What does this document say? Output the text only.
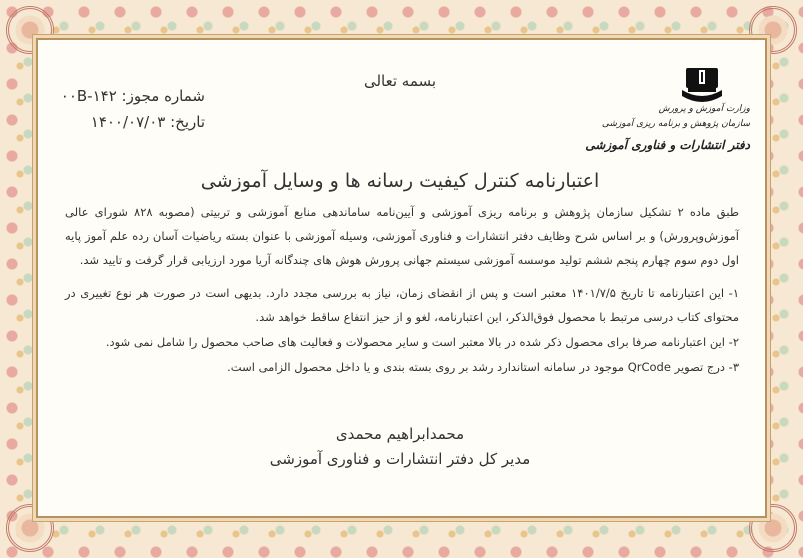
بسمه تعالی
شماره مجوز: ۰۰B-۱۴۲
تاریخ: ۱۴۰۰/۰۷/۰۳
وزارت آموزش و پرورش
سازمان پژوهش و برنامه ریزی آموزشی
دفتر انتشارات و فناوری آموزشی
اعتبارنامه کنترل کیفیت رسانه ها و وسایل آموزشی
طبق ماده ۲ تشکیل سازمان پژوهش و برنامه ریزی آموزشی و آیین‌نامه ساماندهی منابع آموزشی و تربیتی (مصوبه ۸۲۸ شورای عالی آموزش‌وپرورش) و بر اساس شرح وظایف دفتر انتشارات و فناوری آموزشی، وسیله آموزشی با عنوان بسته ریاضیات آسان رده علم آموز پایه اول دوم سوم چهارم پنجم ششم تولید موسسه آموزشی سیستم جهانی پرورش هوش های چندگانه آریا مورد ارزیابی قرار گرفت و تایید شد.
۱- این اعتبارنامه تا تاریخ ۱۴۰۱/۷/۵ معتبر است و پس از انقضای زمان، نیاز به بررسی مجدد دارد. بدیهی است در صورت هر نوع تغییری در محتوای کتاب درسی مرتبط با محصول فوق‌الذکر، این اعتبارنامه، لغو و از حیز انتفاع ساقط خواهد شد.
۲- این اعتبارنامه صرفا برای محصول ذکر شده در بالا معتبر است و سایر محصولات و فعالیت های صاحب محصول را شامل نمی شود.
۳- درج تصویر QrCode موجود در سامانه استاندارد رشد بر روی بسته بندی و یا داخل محصول الزامی است.
محمدابراهیم محمدی
مدیر کل دفتر انتشارات و فناوری آموزشی
